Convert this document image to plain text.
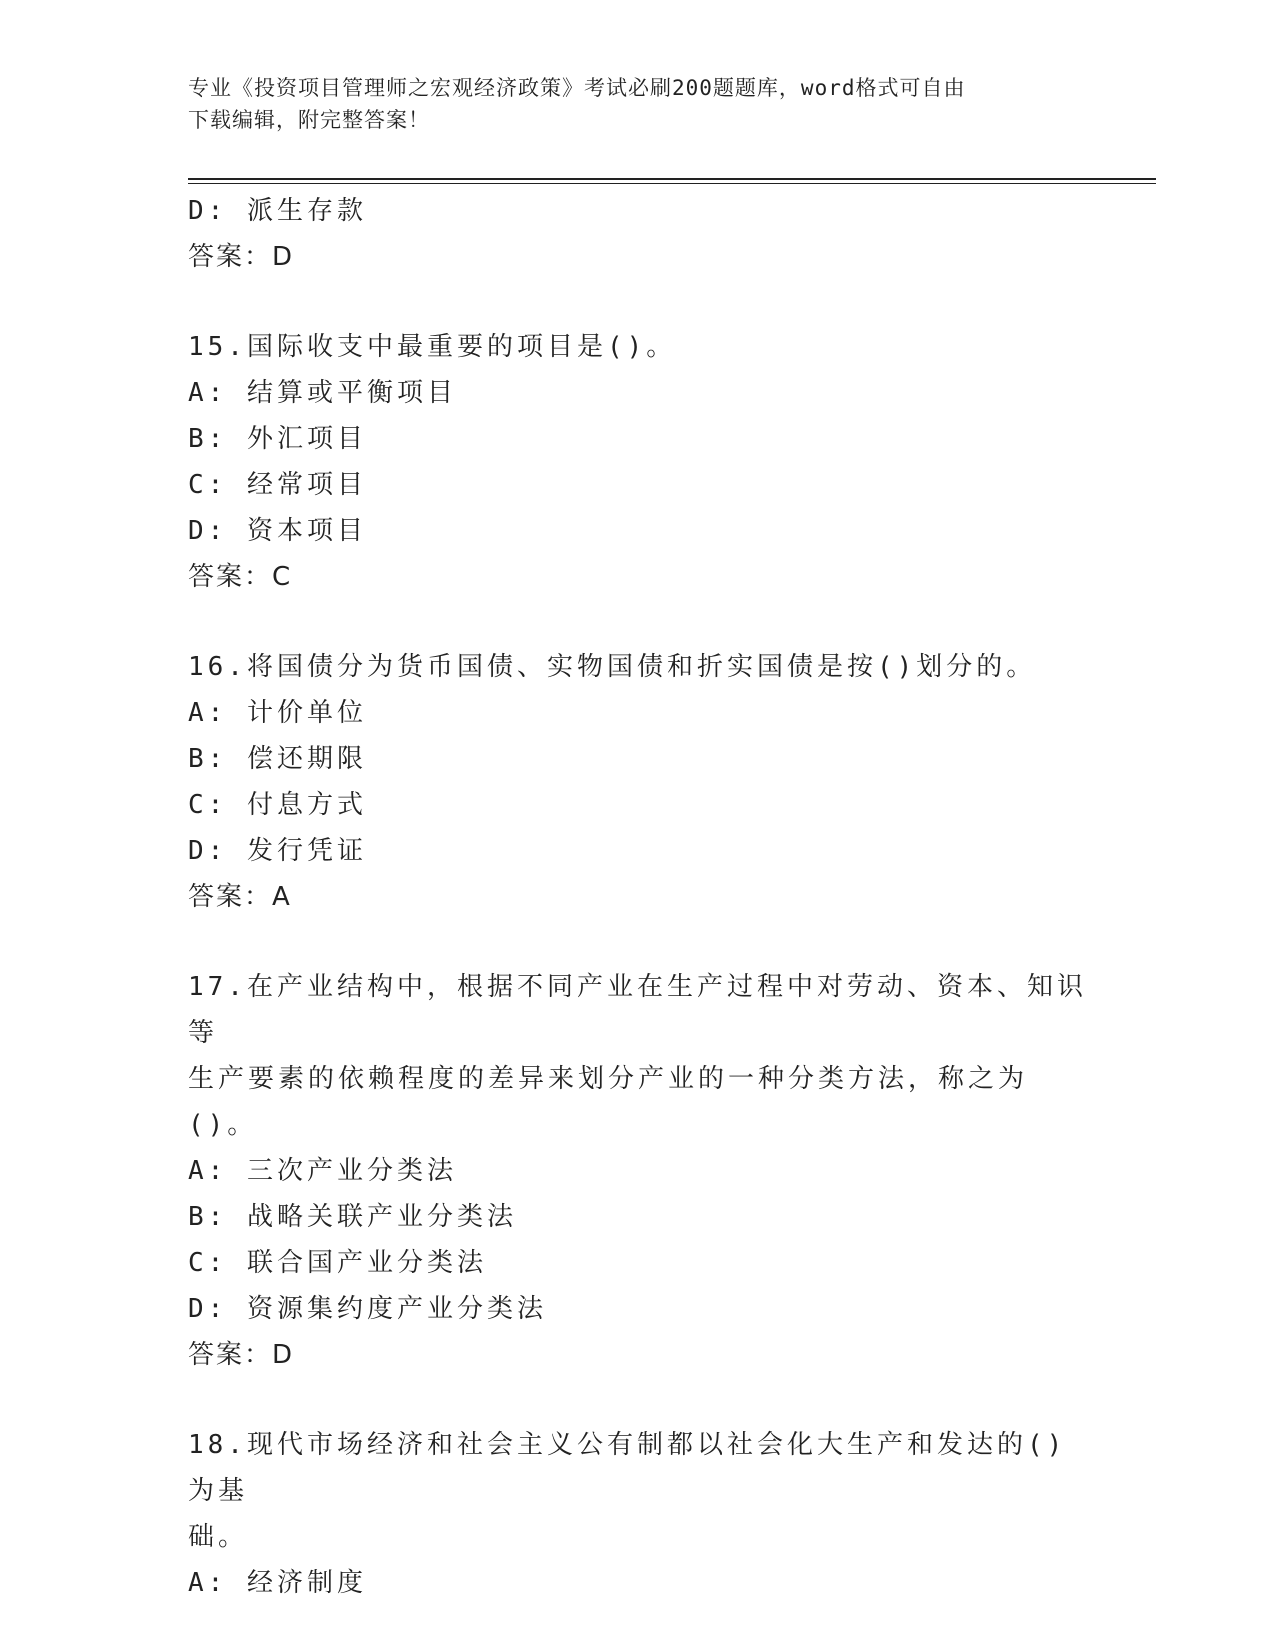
专业《投资项目管理师之宏观经济政策》考试必刷200题题库，word格式可自由
下载编辑，附完整答案！
D: 派生存款
答案：D
15.国际收支中最重要的项目是()。
A: 结算或平衡项目
B: 外汇项目
C: 经常项目
D: 资本项目
答案：C
16.将国债分为货币国债、实物国债和折实国债是按()划分的。
A: 计价单位
B: 偿还期限
C: 付息方式
D: 发行凭证
答案：A
17.在产业结构中，根据不同产业在生产过程中对劳动、资本、知识等
生产要素的依赖程度的差异来划分产业的一种分类方法，称之为()。
A: 三次产业分类法
B: 战略关联产业分类法
C: 联合国产业分类法
D: 资源集约度产业分类法
答案：D
18.现代市场经济和社会主义公有制都以社会化大生产和发达的()为基
础。
A: 经济制度
